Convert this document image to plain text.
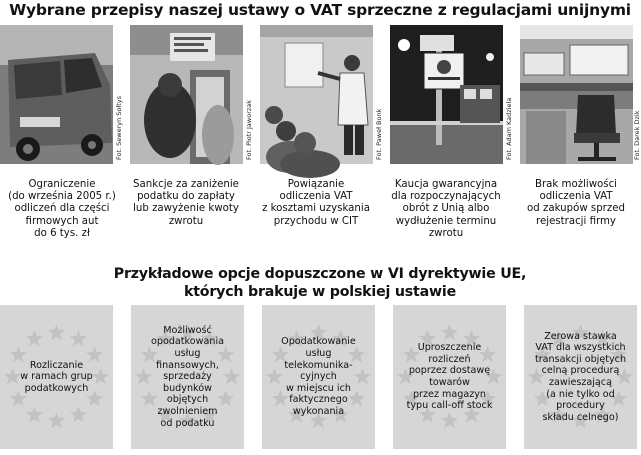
Wybrane przepisy naszej ustawy o VAT sprzeczne z regulacjami unijnymi
Fot. Seweryn Sołtys	Fot. Piotr Jaworzak	Fot. Paweł Bonk	Fot. Adam Kadziela	Fot. Darek Dzik
Ograniczenie
(do września 2005 r.)
odliczeń dla części
firmowych aut
do 6 tys. zł
Sankcje za zaniżenie
podatku do zapłaty
lub zawyżenie kwoty
zwrotu
Powiązanie
odliczenia VAT
z kosztami uzyskania
przychodu w CIT
Kaucja gwarancyjna
dla rozpoczynających
obrót z Unią albo
wydłużenie terminu
zwrotu
Brak możliwości
odliczenia VAT
od zakupów sprzed
rejestracji firmy
Przykładowe opcje dopuszczone w VI dyrektywie UE,
których brakuje w polskiej ustawie
Rozliczanie
w ramach grup
podatkowych
Możliwość
opodatkowania
usług
finansowych,
sprzedaży
budynków
objętych
zwolnieniem
od podatku
Opodatkowanie
usług
telekomunika-
cyjnych
w miejscu ich
faktycznego
wykonania
Uproszczenie
rozliczeń
poprzez dostawę
towarów
przez magazyn
typu call-off stock
Zerowa stawka
VAT dla wszystkich
transakcji objętych
celną procedurą
zawieszającą
(a nie tylko od
procedury
składu celnego)
